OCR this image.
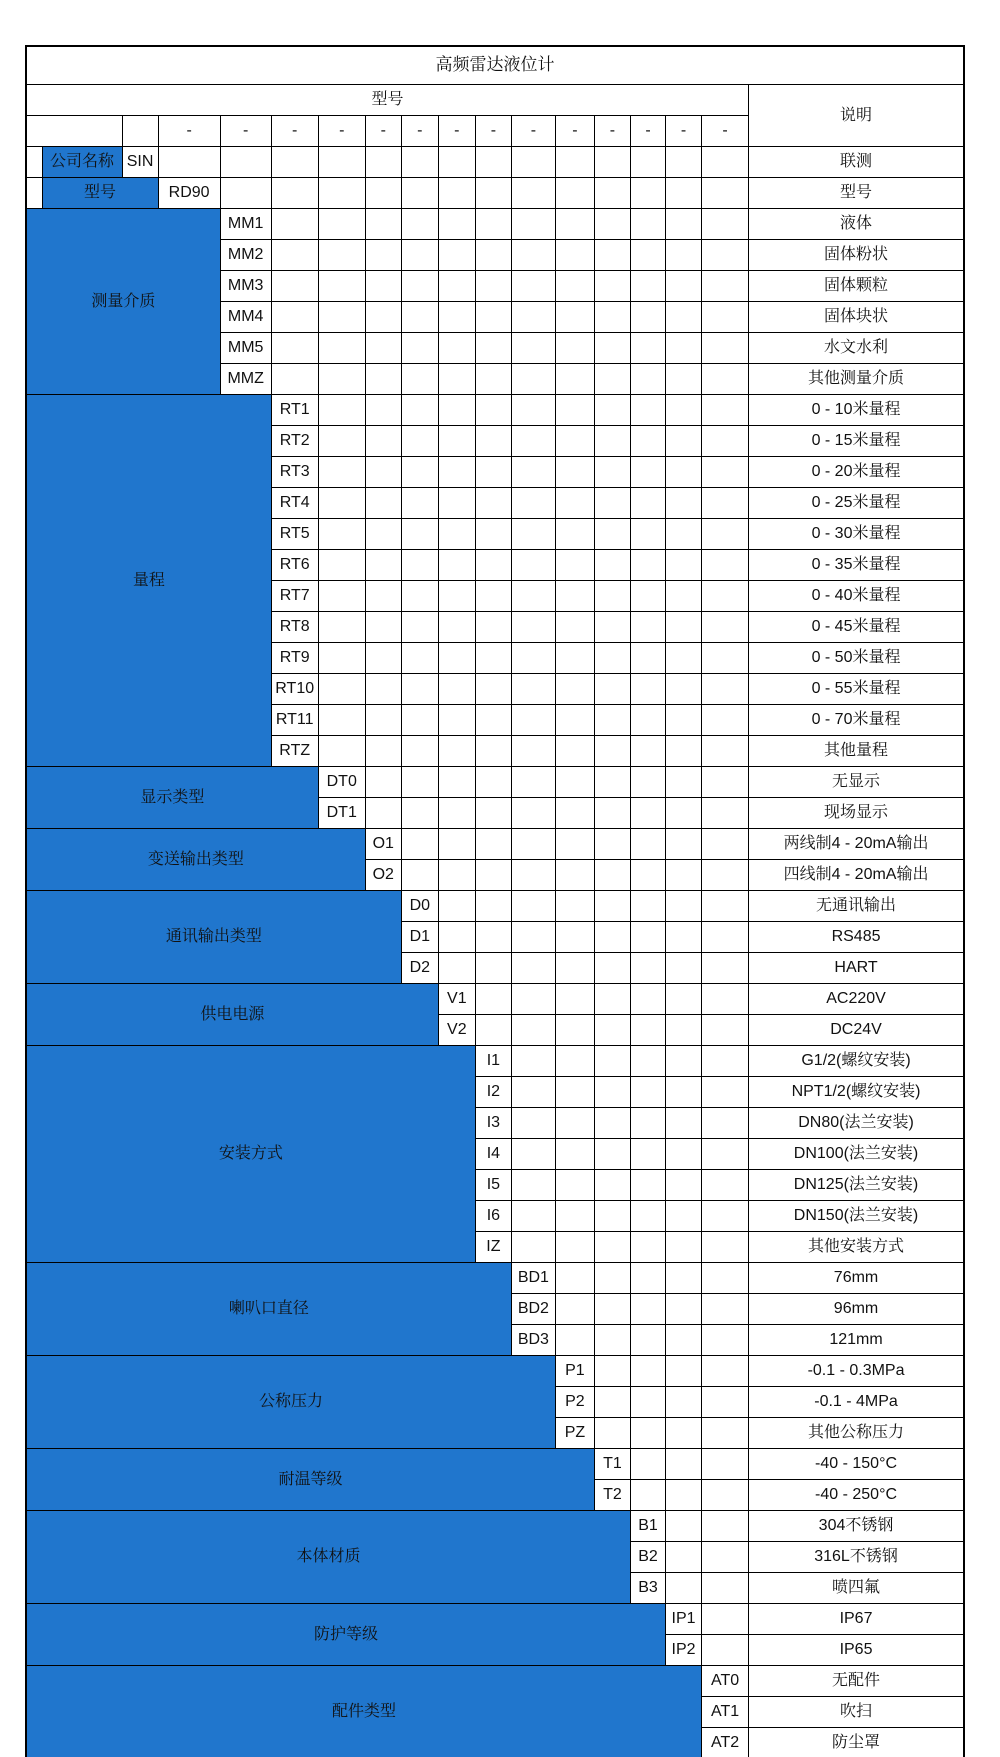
高频雷达液位计																	
型号																	说明
			-	-	-	-	-	-	-	-	-	-	-	-	-	-	
	公司名称	SIN															联测
	型号		RD90														型号
测量介质				MM1													液体
				MM2													固体粉状
				MM3													固体颗粒
				MM4													固体块状
				MM5													水文水利
				MMZ													其他测量介质
量程					RT1												0 - 10米量程
					RT2												0 - 15米量程
					RT3												0 - 20米量程
					RT4												0 - 25米量程
					RT5												0 - 30米量程
					RT6												0 - 35米量程
					RT7												0 - 40米量程
					RT8												0 - 45米量程
					RT9												0 - 50米量程
					RT10												0 - 55米量程
					RT11												0 - 70米量程
					RTZ												其他量程
显示类型						DT0											无显示
						DT1											现场显示
变送输出类型							O1										两线制4 - 20mA输出
							O2										四线制4 - 20mA输出
通讯输出类型								D0									无通讯输出
								D1									RS485
								D2									HART
供电电源									V1								AC220V
									V2								DC24V
安装方式										I1							G1/2(螺纹安装)
										I2							NPT1/2(螺纹安装)
										I3							DN80(法兰安装)
										I4							DN100(法兰安装)
										I5							DN125(法兰安装)
										I6							DN150(法兰安装)
										IZ							其他安装方式
喇叭口直径											BD1						76mm
											BD2						96mm
											BD3						121mm
公称压力												P1					-0.1 - 0.3MPa
												P2					-0.1 - 4MPa
												PZ					其他公称压力
耐温等级													T1				-40 - 150°C
													T2				-40 - 250°C
本体材质														B1			304不锈钢
														B2			316L不锈钢
														B3			喷四氟
防护等级															IP1		IP67
															IP2		IP65
配件类型																AT0	无配件
																AT1	吹扫
																AT2	防尘罩
